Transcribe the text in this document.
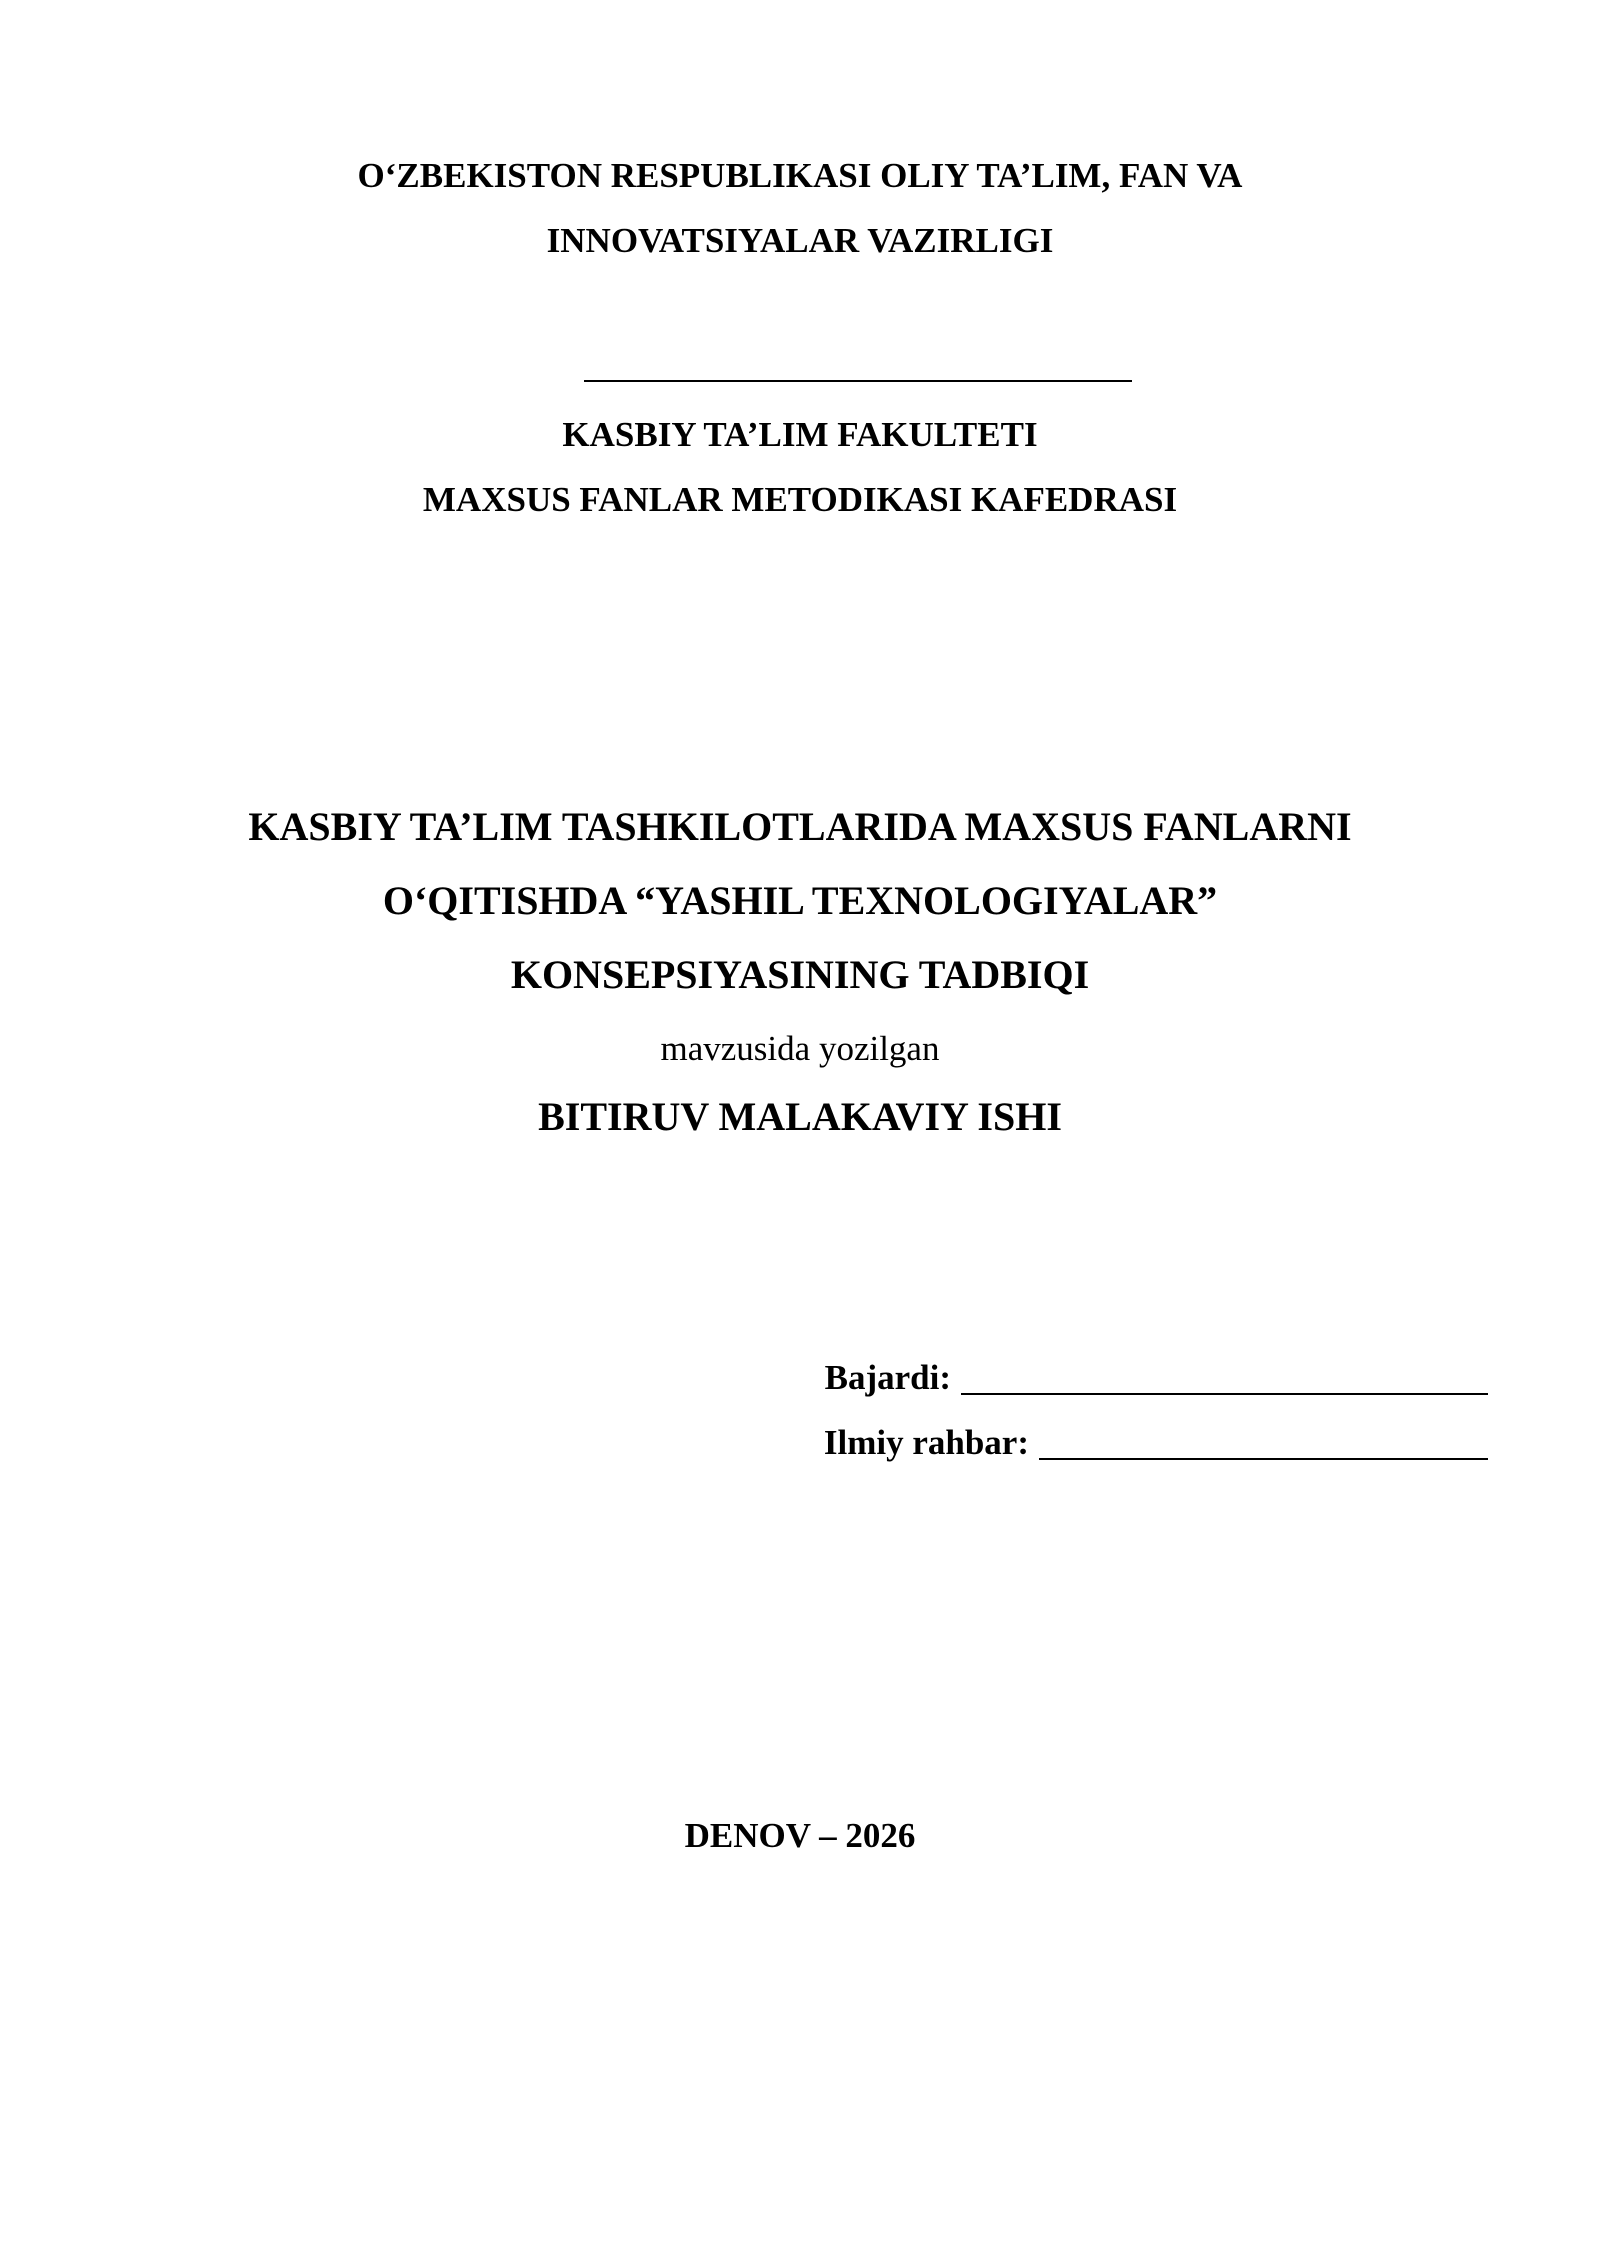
O‘ZBEKISTON RESPUBLIKASI OLIY TA’LIM, FAN VA

INNOVATSIYALAR VAZIRLIGI

KASBIY TA’LIM FAKULTETI

MAXSUS FANLAR METODIKASI KAFEDRASI

KASBIY TA’LIM TASHKILOTLARIDA MAXSUS FANLARNI

O‘QITISHDA “YASHIL TEXNOLOGIYALAR”

KONSEPSIYASINING TADBIQI

mavzusida yozilgan

BITIRUV MALAKAVIY ISHI

Bajardi:
Ilmiy rahbar:

DENOV – 2026
